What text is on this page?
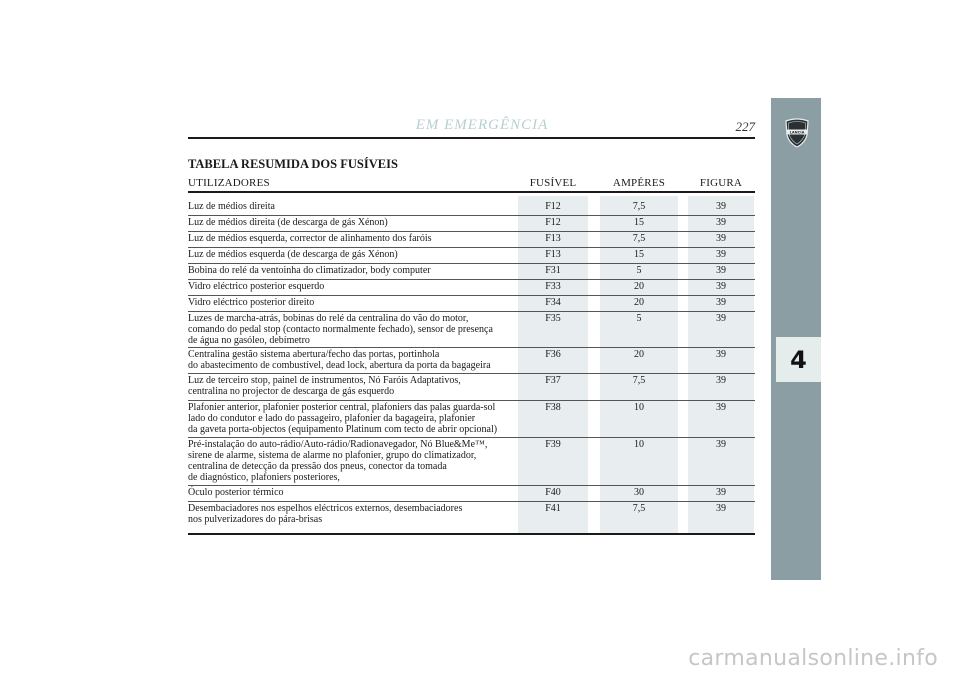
4
LANCIA
EM EMERGÊNCIA	227
TABELA RESUMIDA DOS FUSÍVEIS
UTILIZADORES	FUSÍVEL	AMPÉRES	FIGURA
Luz de médios direita	F12	7,5	39
Luz de médios direita (de descarga de gás Xénon)	F12	15	39
Luz de médios esquerda, corrector de alinhamento dos faróis	F13	7,5	39
Luz de médios esquerda (de descarga de gás Xénon)	F13	15	39
Bobina do relé da ventoinha do climatizador, body computer	F31	5	39
Vidro eléctrico posterior esquerdo	F33	20	39
Vidro eléctrico posterior direito	F34	20	39
Luzes de marcha-atrás, bobinas do relé da centralina do vão do motor,
comando do pedal stop (contacto normalmente fechado), sensor de presença
de água no gasóleo, debímetro
F35	5	39
Centralina gestão sistema abertura/fecho das portas, portinhola
do abastecimento de combustível, dead lock, abertura da porta da bagageira
F36	20	39
Luz de terceiro stop, painel de instrumentos, Nó Faróis Adaptativos,
centralina no projector de descarga de gás esquerdo
F37	7,5	39
Plafonier anterior, plafonier posterior central, plafoniers das palas guarda-sol
lado do condutor e lado do passageiro, plafonier da bagageira, plafonier
da gaveta porta-objectos (equipamento Platinum com tecto de abrir opcional)
F38	10	39
Pré-instalação do auto-rádio/Auto-rádio/Radionavegador, Nó Blue&Me™,
sirene de alarme, sistema de alarme no plafonier, grupo do climatizador,
centralina de detecção da pressão dos pneus, conector da tomada
de diagnóstico, plafoniers posteriores,
F39	10	39
Óculo posterior térmico	F40	30	39
Desembaciadores nos espelhos eléctricos externos, desembaciadores
nos pulverizadores do pára-brisas
F41	7,5	39
carmanualsonline.info
